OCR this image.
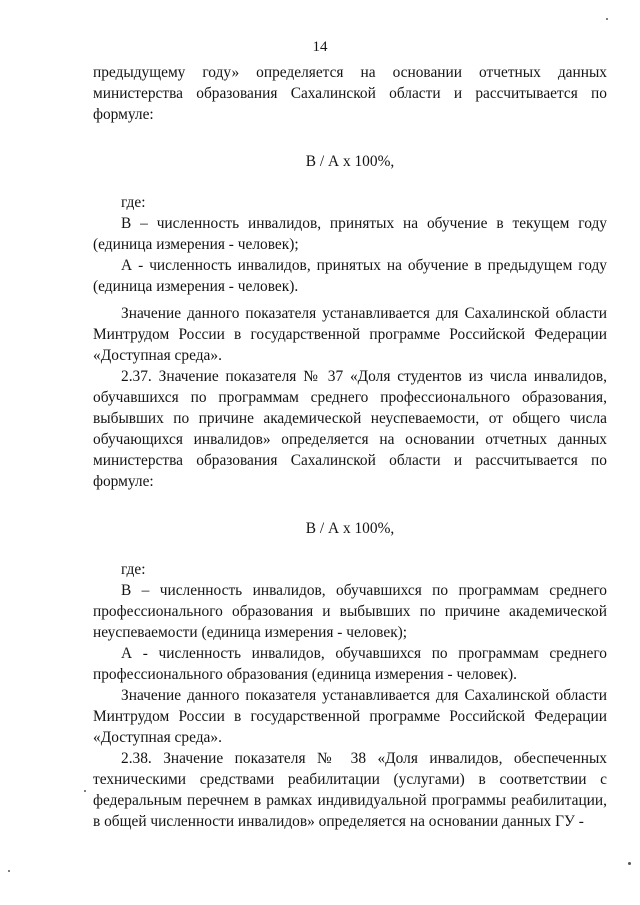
14

предыдущему году» определяется на основании отчетных данных министерства образования Сахалинской области и рассчитывается по формуле:

В / А х 100%,

где:

В – численность инвалидов, принятых на обучение в текущем году (единица измерения - человек);

А - численность инвалидов, принятых на обучение в предыдущем году (единица измерения - человек).

Значение данного показателя устанавливается для Сахалинской области Минтрудом России в государственной программе Российской Федерации «Доступная среда».

2.37. Значение показателя № 37 «Доля студентов из числа инвалидов, обучавшихся по программам среднего профессионального образования, выбывших по причине академической неуспеваемости, от общего числа обучающихся инвалидов» определяется на основании отчетных данных министерства образования Сахалинской области и рассчитывается по формуле:

В / А х 100%,

где:

В – численность инвалидов, обучавшихся по программам среднего профессионального образования и выбывших по причине академической неуспеваемости (единица измерения - человек);

А - численность инвалидов, обучавшихся по программам среднего профессионального образования (единица измерения - человек).

Значение данного показателя устанавливается для Сахалинской области Минтрудом России в государственной программе Российской Федерации «Доступная среда».

2.38. Значение показателя № 38 «Доля инвалидов, обеспеченных техническими средствами реабилитации (услугами) в соответствии с федеральным перечнем в рамках индивидуальной программы реабилитации, в общей численности инвалидов» определяется на основании данных ГУ -
